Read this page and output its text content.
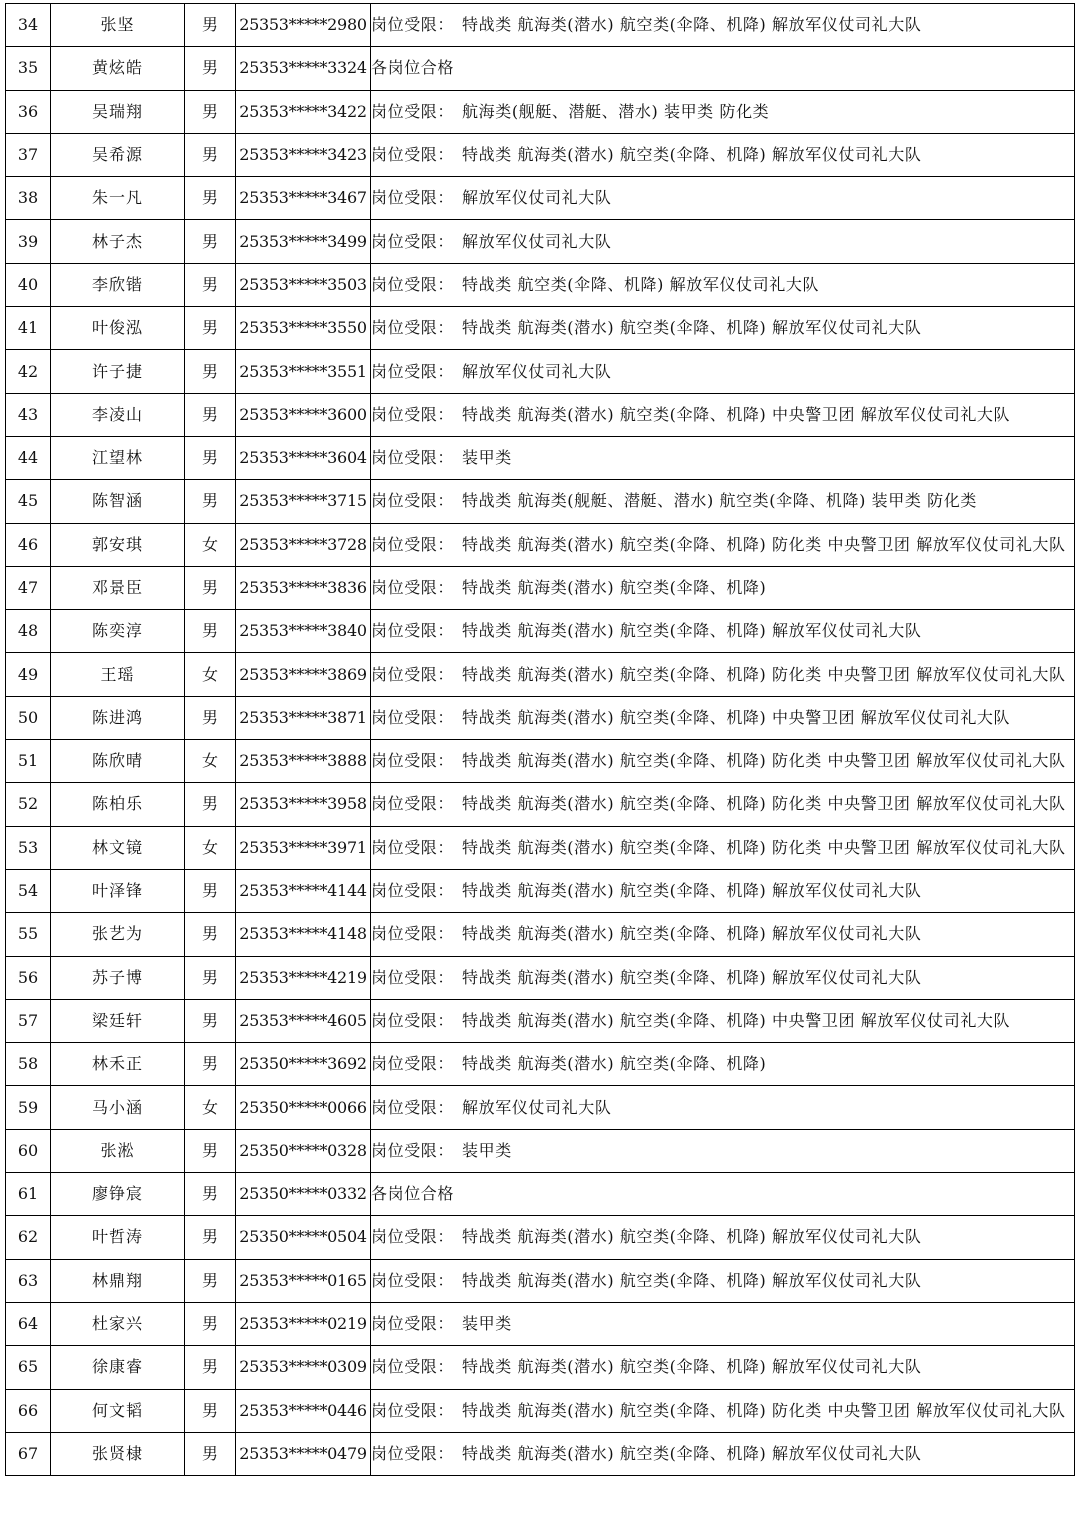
34	张坚	男	25353*****2980	岗位受限： 特战类 航海类(潜水) 航空类(伞降、机降) 解放军仪仗司礼大队
35	黄炫皓	男	25353*****3324	各岗位合格
36	吴瑞翔	男	25353*****3422	岗位受限： 航海类(舰艇、潜艇、潜水) 装甲类 防化类
37	吴希源	男	25353*****3423	岗位受限： 特战类 航海类(潜水) 航空类(伞降、机降) 解放军仪仗司礼大队
38	朱一凡	男	25353*****3467	岗位受限： 解放军仪仗司礼大队
39	林子杰	男	25353*****3499	岗位受限： 解放军仪仗司礼大队
40	李欣锴	男	25353*****3503	岗位受限： 特战类 航空类(伞降、机降) 解放军仪仗司礼大队
41	叶俊泓	男	25353*****3550	岗位受限： 特战类 航海类(潜水) 航空类(伞降、机降) 解放军仪仗司礼大队
42	许子捷	男	25353*****3551	岗位受限： 解放军仪仗司礼大队
43	李凌山	男	25353*****3600	岗位受限： 特战类 航海类(潜水) 航空类(伞降、机降) 中央警卫团 解放军仪仗司礼大队
44	江望林	男	25353*****3604	岗位受限： 装甲类
45	陈智涵	男	25353*****3715	岗位受限： 特战类 航海类(舰艇、潜艇、潜水) 航空类(伞降、机降) 装甲类 防化类
46	郭安琪	女	25353*****3728	岗位受限： 特战类 航海类(潜水) 航空类(伞降、机降) 防化类 中央警卫团 解放军仪仗司礼大队
47	邓景臣	男	25353*****3836	岗位受限： 特战类 航海类(潜水) 航空类(伞降、机降)
48	陈奕淳	男	25353*****3840	岗位受限： 特战类 航海类(潜水) 航空类(伞降、机降) 解放军仪仗司礼大队
49	王瑶	女	25353*****3869	岗位受限： 特战类 航海类(潜水) 航空类(伞降、机降) 防化类 中央警卫团 解放军仪仗司礼大队
50	陈进鸿	男	25353*****3871	岗位受限： 特战类 航海类(潜水) 航空类(伞降、机降) 中央警卫团 解放军仪仗司礼大队
51	陈欣晴	女	25353*****3888	岗位受限： 特战类 航海类(潜水) 航空类(伞降、机降) 防化类 中央警卫团 解放军仪仗司礼大队
52	陈柏乐	男	25353*****3958	岗位受限： 特战类 航海类(潜水) 航空类(伞降、机降) 防化类 中央警卫团 解放军仪仗司礼大队
53	林文镜	女	25353*****3971	岗位受限： 特战类 航海类(潜水) 航空类(伞降、机降) 防化类 中央警卫团 解放军仪仗司礼大队
54	叶泽锋	男	25353*****4144	岗位受限： 特战类 航海类(潜水) 航空类(伞降、机降) 解放军仪仗司礼大队
55	张艺为	男	25353*****4148	岗位受限： 特战类 航海类(潜水) 航空类(伞降、机降) 解放军仪仗司礼大队
56	苏子博	男	25353*****4219	岗位受限： 特战类 航海类(潜水) 航空类(伞降、机降) 解放军仪仗司礼大队
57	梁廷轩	男	25353*****4605	岗位受限： 特战类 航海类(潜水) 航空类(伞降、机降) 中央警卫团 解放军仪仗司礼大队
58	林禾正	男	25350*****3692	岗位受限： 特战类 航海类(潜水) 航空类(伞降、机降)
59	马小涵	女	25350*****0066	岗位受限： 解放军仪仗司礼大队
60	张淞	男	25350*****0328	岗位受限： 装甲类
61	廖铮宸	男	25350*****0332	各岗位合格
62	叶哲涛	男	25350*****0504	岗位受限： 特战类 航海类(潜水) 航空类(伞降、机降) 解放军仪仗司礼大队
63	林鼎翔	男	25353*****0165	岗位受限： 特战类 航海类(潜水) 航空类(伞降、机降) 解放军仪仗司礼大队
64	杜家兴	男	25353*****0219	岗位受限： 装甲类
65	徐康睿	男	25353*****0309	岗位受限： 特战类 航海类(潜水) 航空类(伞降、机降) 解放军仪仗司礼大队
66	何文韬	男	25353*****0446	岗位受限： 特战类 航海类(潜水) 航空类(伞降、机降) 防化类 中央警卫团 解放军仪仗司礼大队
67	张贤棣	男	25353*****0479	岗位受限： 特战类 航海类(潜水) 航空类(伞降、机降) 解放军仪仗司礼大队
